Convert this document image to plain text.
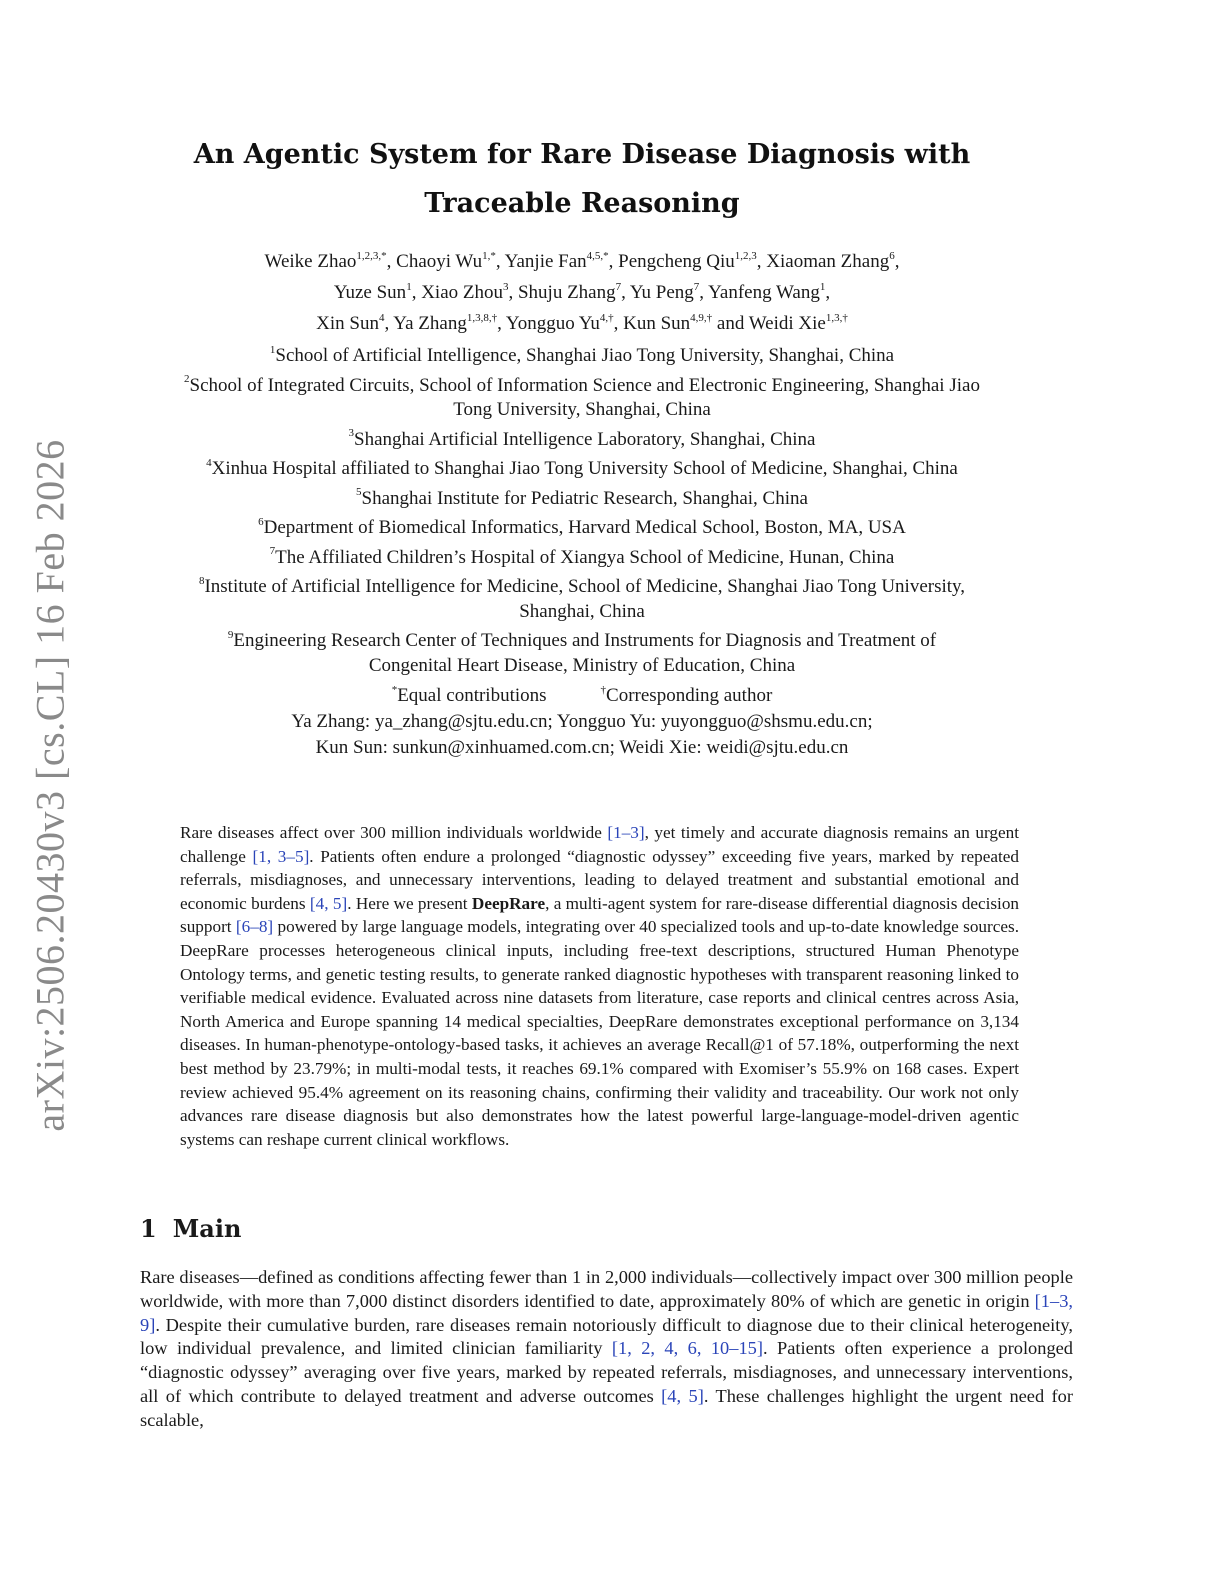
arXiv:2506.20430v3 [cs.CL] 16 Feb 2026
An Agentic System for Rare Disease Diagnosis with
Traceable Reasoning
Weike Zhao$^{1,2,3,*}$, Chaoyi $Wu^{1,*}$, Yanjie Fan$^{4,5,*}$, Pengcheng Qiu$^{1,2,3}$, Xiaoman Zhang$^6$,
Yuze Sun$^1$, Xiao Zhou$^3$, Shuju Zhang$^7$, Yu Peng$^7$, Yanfeng Wang$^1$,
Xin Sun$^4$, Ya Zhang$^{1,3,8,\dagger}$, Yongguo $Yu^{4,\dagger}$, Kun Sun$^{4,9,\dagger}$ and Weidi Xie$^{1,3,\dagger}$
$^1$School of Artificial Intelligence, Shanghai Jiao Tong University, Shanghai, China
$^2$School of Integrated Circuits, School of Information Science and Electronic Engineering, Shanghai Jiao
Tong University, Shanghai, China
$^3$Shanghai Artificial Intelligence Laboratory, Shanghai, China
$^4$Xinhua Hospital affiliated to Shanghai Jiao Tong University School of Medicine, Shanghai, China
$^5$Shanghai Institute for Pediatric Research, Shanghai, China
$^6$Department of Biomedical Informatics, Harvard Medical School, Boston, MA, USA
$^7$The Affiliated Children’s Hospital of Xiangya School of Medicine, Hunan, China
$^8$Institute of Artificial Intelligence for Medicine, School of Medicine, Shanghai Jiao Tong University,
Shanghai, China
$^9$Engineering Research Center of Techniques and Instruments for Diagnosis and Treatment of
Congenital Heart Disease, Ministry of Education, China
*Equal contributions	†Corresponding author
Ya Zhang: ya_zhang@sjtu.edu.cn; Yongguo Yu: yuyongguo@shsmu.edu.cn;
Kun Sun: sunkun@xinhuamed.com.cn; Weidi Xie: weidi@sjtu.edu.cn

Rare diseases affect over 300 million individuals worldwide [1–3], yet timely and accurate diagnosis remains an urgent challenge [1, 3–5]. Patients often endure a prolonged “diagnostic odyssey” exceeding five years, marked by repeated referrals, misdiagnoses, and unnecessary interventions, leading to delayed treatment and substantial emotional and economic burdens [4, 5]. Here we present DeepRare, a multi-agent system for rare-disease differential diagnosis decision support [6–8] powered by large language models, integrating over 40 specialized tools and up-to-date knowledge sources. DeepRare processes heterogeneous clinical inputs, including free-text descriptions, structured Human Phenotype Ontology terms, and genetic testing results, to generate ranked diagnostic hypotheses with transparent reasoning linked to verifiable medical evidence. Evaluated across nine datasets from literature, case reports and clinical centres across Asia, North America and Europe spanning 14 medical specialties, DeepRare demonstrates exceptional performance on 3,134 diseases. In human-phenotype-ontology-based tasks, it achieves an average Recall@1 of 57.18%, outperforming the next best method by 23.79%; in multi-modal tests, it reaches 69.1% compared with Exomiser’s 55.9% on 168 cases. Expert review achieved 95.4% agreement on its reasoning chains, confirming their validity and traceability. Our work not only advances rare disease diagnosis but also demonstrates how the latest powerful large-language-model-driven agentic systems can reshape current clinical workflows.

1 Main

Rare diseases—defined as conditions affecting fewer than 1 in 2,000 individuals—collectively impact over 300 million people worldwide, with more than 7,000 distinct disorders identified to date, approximately 80% of which are genetic in origin [1–3, 9]. Despite their cumulative burden, rare diseases remain notoriously difficult to diagnose due to their clinical heterogeneity, low individual prevalence, and limited clinician familiarity [1, 2, 4, 6, 10–15]. Patients often experience a prolonged “diagnostic odyssey” averaging over five years, marked by repeated referrals, misdiagnoses, and unnecessary interventions, all of which contribute to delayed treatment and adverse outcomes [4, 5]. These challenges highlight the urgent need for scalable,
